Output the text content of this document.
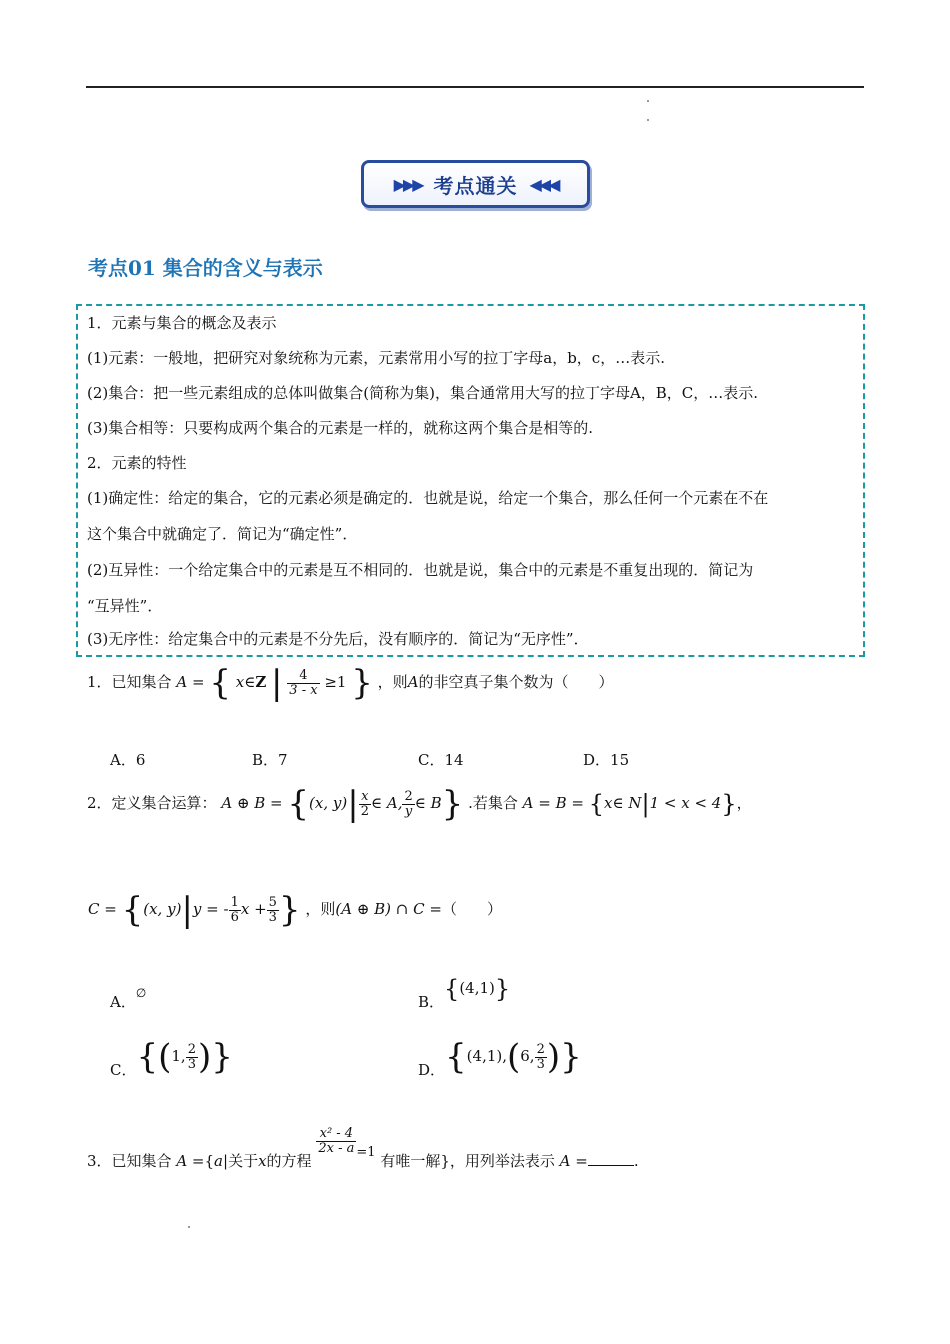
▶▶▶ 考点通关 ◀◀◀
考点01 集合的含义与表示
1．元素与集合的概念及表示
(1)元素：一般地，把研究对象统称为元素，元素常用小写的拉丁字母a，b，c，…表示.
(2)集合：把一些元素组成的总体叫做集合(简称为集)，集合通常用大写的拉丁字母A，B，C，…表示.
(3)集合相等：只要构成两个集合的元素是一样的，就称这两个集合是相等的.
2．元素的特性
(1)确定性：给定的集合，它的元素必须是确定的．也就是说，给定一个集合，那么任何一个元素在不在
这个集合中就确定了．简记为“确定性”．
(2)互异性：一个给定集合中的元素是互不相同的．也就是说，集合中的元素是不重复出现的．简记为
“互异性”．
(3)无序性：给定集合中的元素是不分先后，没有顺序的．简记为“无序性”．
1．已知集合 A = { x∈Z | $\frac{4}{3 - x} \ge 1$ } ，则A的非空真子集个数为（　　）
A．6	B．7	C．14	D．15
2．定义集合运算： A ⊕ B = {(x, $y)| \frac{x}{2}$ ∈ A, $\frac{2}{y}$ ∈ B} .若集合 A = B = {x∈ N|1 < x < 4}，
C = {(x, y)|y = - $\frac{1}{6}$ $x + \frac{5}{3}$ } ，则(A ⊕ B) ∩ C =（　　）
A．∅	B．{(4,1)}
C．{(1, $\frac{2}{3}$ )}	D．{(4,1),(6, $\frac{2}{3}$ )}
3．已知集合 A ={a|关于x的方程
$\frac{\text{x² - 4}}{2x - a} =1$ 有唯一解}，用列举法表示 A =	.
